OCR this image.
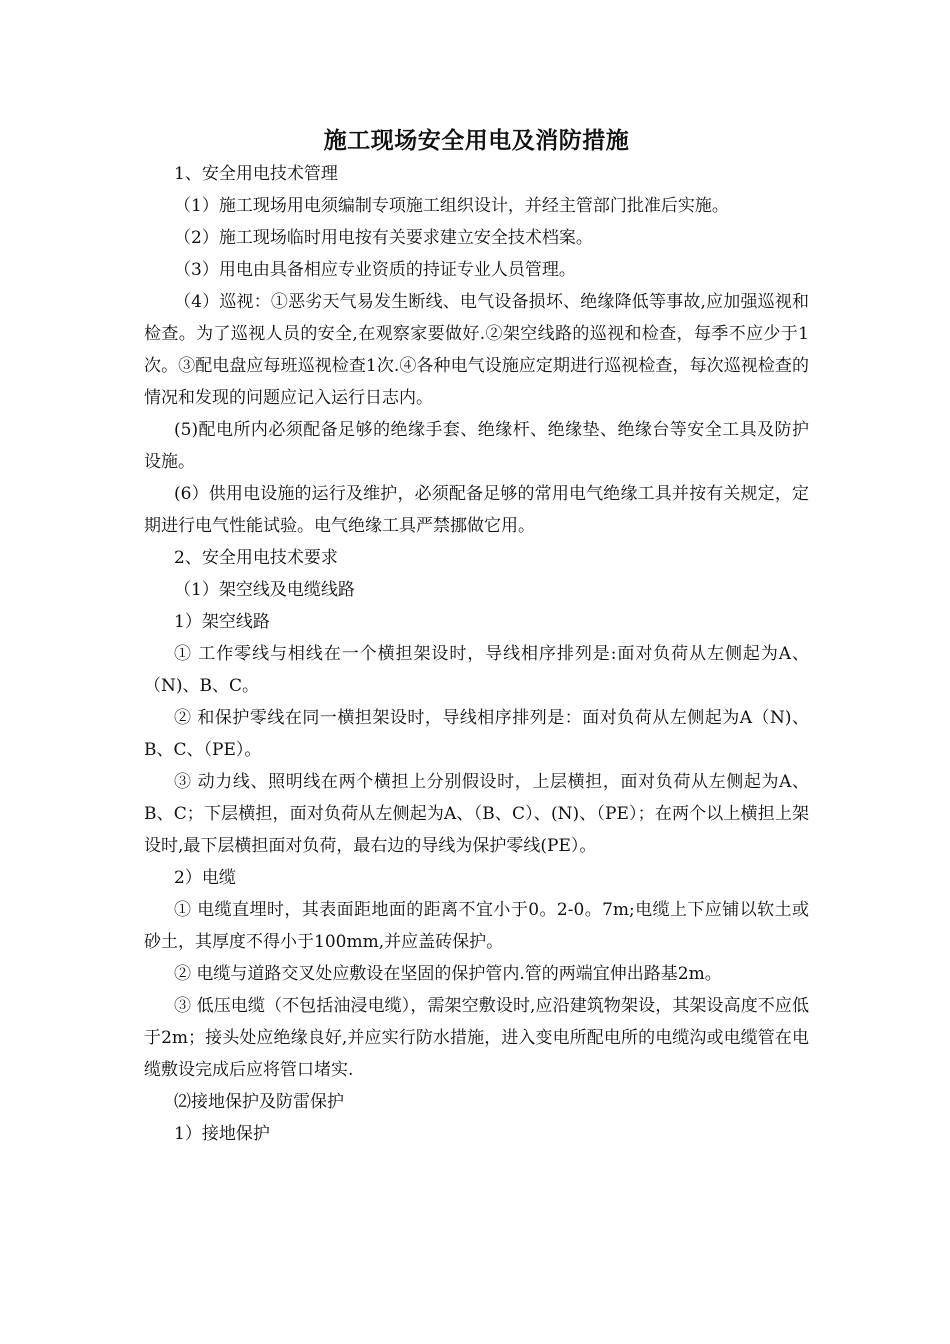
施工现场安全用电及消防措施

1、安全用电技术管理

（1）施工现场用电须编制专项施工组织设计，并经主管部门批准后实施。

（2）施工现场临时用电按有关要求建立安全技术档案。

（3）用电由具备相应专业资质的持证专业人员管理。

（4）巡视：①恶劣天气易发生断线、电气设备损坏、绝缘降低等事故,应加强巡视和检查。为了巡视人员的安全,在观察家要做好.②架空线路的巡视和检查，每季不应少于1次。③配电盘应每班巡视检查1次.④各种电气设施应定期进行巡视检查，每次巡视检查的情况和发现的问题应记入运行日志内。

(5)配电所内必须配备足够的绝缘手套、绝缘杆、绝缘垫、绝缘台等安全工具及防护设施。

(6）供用电设施的运行及维护，必须配备足够的常用电气绝缘工具并按有关规定，定期进行电气性能试验。电气绝缘工具严禁挪做它用。

2、安全用电技术要求

（1）架空线及电缆线路

1）架空线路

① 工作零线与相线在一个横担架设时，导线相序排列是:面对负荷从左侧起为A、（N)、B、C。

② 和保护零线在同一横担架设时，导线相序排列是：面对负荷从左侧起为A（N)、B、C、（PE）。

③ 动力线、照明线在两个横担上分别假设时，上层横担，面对负荷从左侧起为A、B、C；下层横担，面对负荷从左侧起为A、（B、C）、(N)、（PE）；在两个以上横担上架设时,最下层横担面对负荷，最右边的导线为保护零线(PE）。

2）电缆

① 电缆直埋时，其表面距地面的距离不宜小于0。2-0。7m;电缆上下应铺以软土或砂土，其厚度不得小于100mm,并应盖砖保护。

② 电缆与道路交叉处应敷设在坚固的保护管内.管的两端宜伸出路基2m。

③ 低压电缆（不包括油浸电缆），需架空敷设时,应沿建筑物架设，其架设高度不应低于2m；接头处应绝缘良好,并应实行防水措施，进入变电所配电所的电缆沟或电缆管在电缆敷设完成后应将管口堵实.

⑵接地保护及防雷保护

1）接地保护
